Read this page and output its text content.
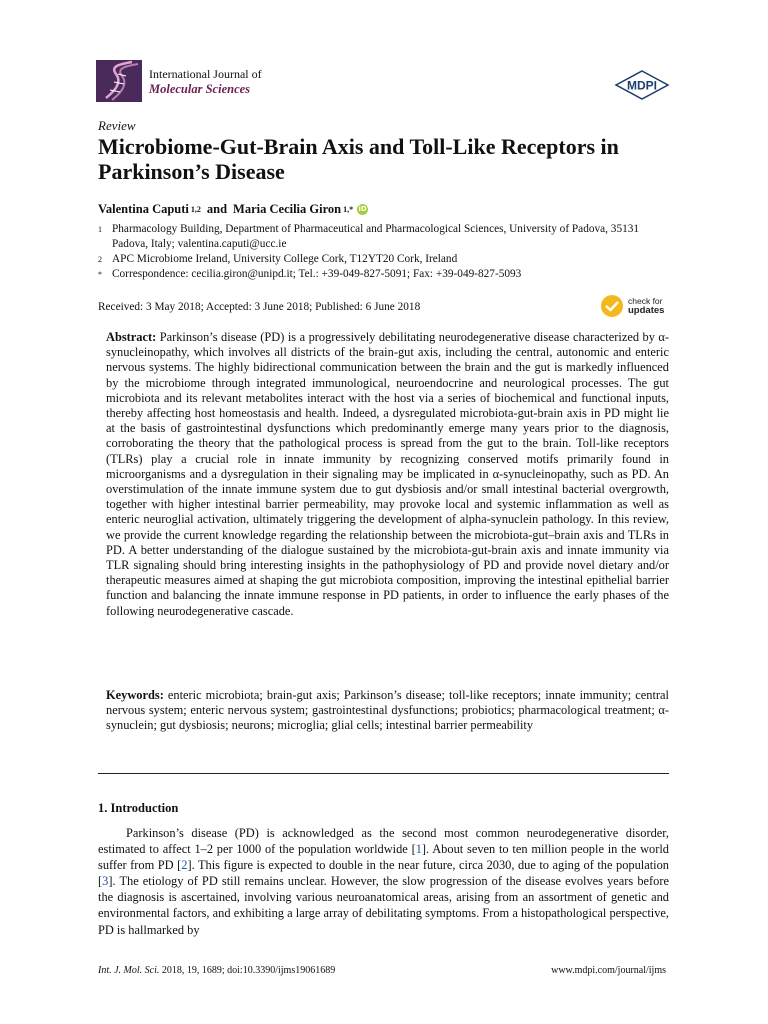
International Journal of
Molecular Sciences	MDPI
Review
Microbiome-Gut-Brain Axis and Toll-Like Receptors in Parkinson’s Disease
Valentina Caputi 1,2 and Maria Cecilia Giron 1,* iD
1 Pharmacology Building, Department of Pharmaceutical and Pharmacological Sciences, University of Padova, 35131 Padova, Italy; valentina.caputi@ucc.ie
2 APC Microbiome Ireland, University College Cork, T12YT20 Cork, Ireland
* Correspondence: cecilia.giron@unipd.it; Tel.: +39-049-827-5091; Fax: +39-049-827-5093
Received: 3 May 2018; Accepted: 3 June 2018; Published: 6 June 2018	check for
updates
Abstract: Parkinson’s disease (PD) is a progressively debilitating neurodegenerative disease characterized by α-synucleinopathy, which involves all districts of the brain-gut axis, including the central, autonomic and enteric nervous systems. The highly bidirectional communication between the brain and the gut is markedly influenced by the microbiome through integrated immunological, neuroendocrine and neurological processes. The gut microbiota and its relevant metabolites interact with the host via a series of biochemical and functional inputs, thereby affecting host homeostasis and health. Indeed, a dysregulated microbiota-gut-brain axis in PD might lie at the basis of gastrointestinal dysfunctions which predominantly emerge many years prior to the diagnosis, corroborating the theory that the pathological process is spread from the gut to the brain. Toll-like receptors (TLRs) play a crucial role in innate immunity by recognizing conserved motifs primarily found in microorganisms and a dysregulation in their signaling may be implicated in α-synucleinopathy, such as PD. An overstimulation of the innate immune system due to gut dysbiosis and/or small intestinal bacterial overgrowth, together with higher intestinal barrier permeability, may provoke local and systemic inflammation as well as enteric neuroglial activation, ultimately triggering the development of alpha-synuclein pathology. In this review, we provide the current knowledge regarding the relationship between the microbiota-gut–brain axis and TLRs in PD. A better understanding of the dialogue sustained by the microbiota-gut-brain axis and innate immunity via TLR signaling should bring interesting insights in the pathophysiology of PD and provide novel dietary and/or therapeutic measures aimed at shaping the gut microbiota composition, improving the intestinal epithelial barrier function and balancing the innate immune response in PD patients, in order to influence the early phases of the following neurodegenerative cascade.
Keywords: enteric microbiota; brain-gut axis; Parkinson’s disease; toll-like receptors; innate immunity; central nervous system; enteric nervous system; gastrointestinal dysfunctions; probiotics; pharmacological treatment; α-synuclein; gut dysbiosis; neurons; microglia; glial cells; intestinal barrier permeability
1. Introduction
Parkinson’s disease (PD) is acknowledged as the second most common neurodegenerative disorder, estimated to affect 1–2 per 1000 of the population worldwide [1]. About seven to ten million people in the world suffer from PD [2]. This figure is expected to double in the near future, circa 2030, due to aging of the population [3]. The etiology of PD still remains unclear. However, the slow progression of the disease evolves years before the diagnosis is ascertained, involving various neuroanatomical areas, arising from an assortment of genetic and environmental factors, and exhibiting a large array of debilitating symptoms. From a histopathological perspective, PD is hallmarked by
Int. J. Mol. Sci. 2018, 19, 1689; doi:10.3390/ijms19061689	www.mdpi.com/journal/ijms
